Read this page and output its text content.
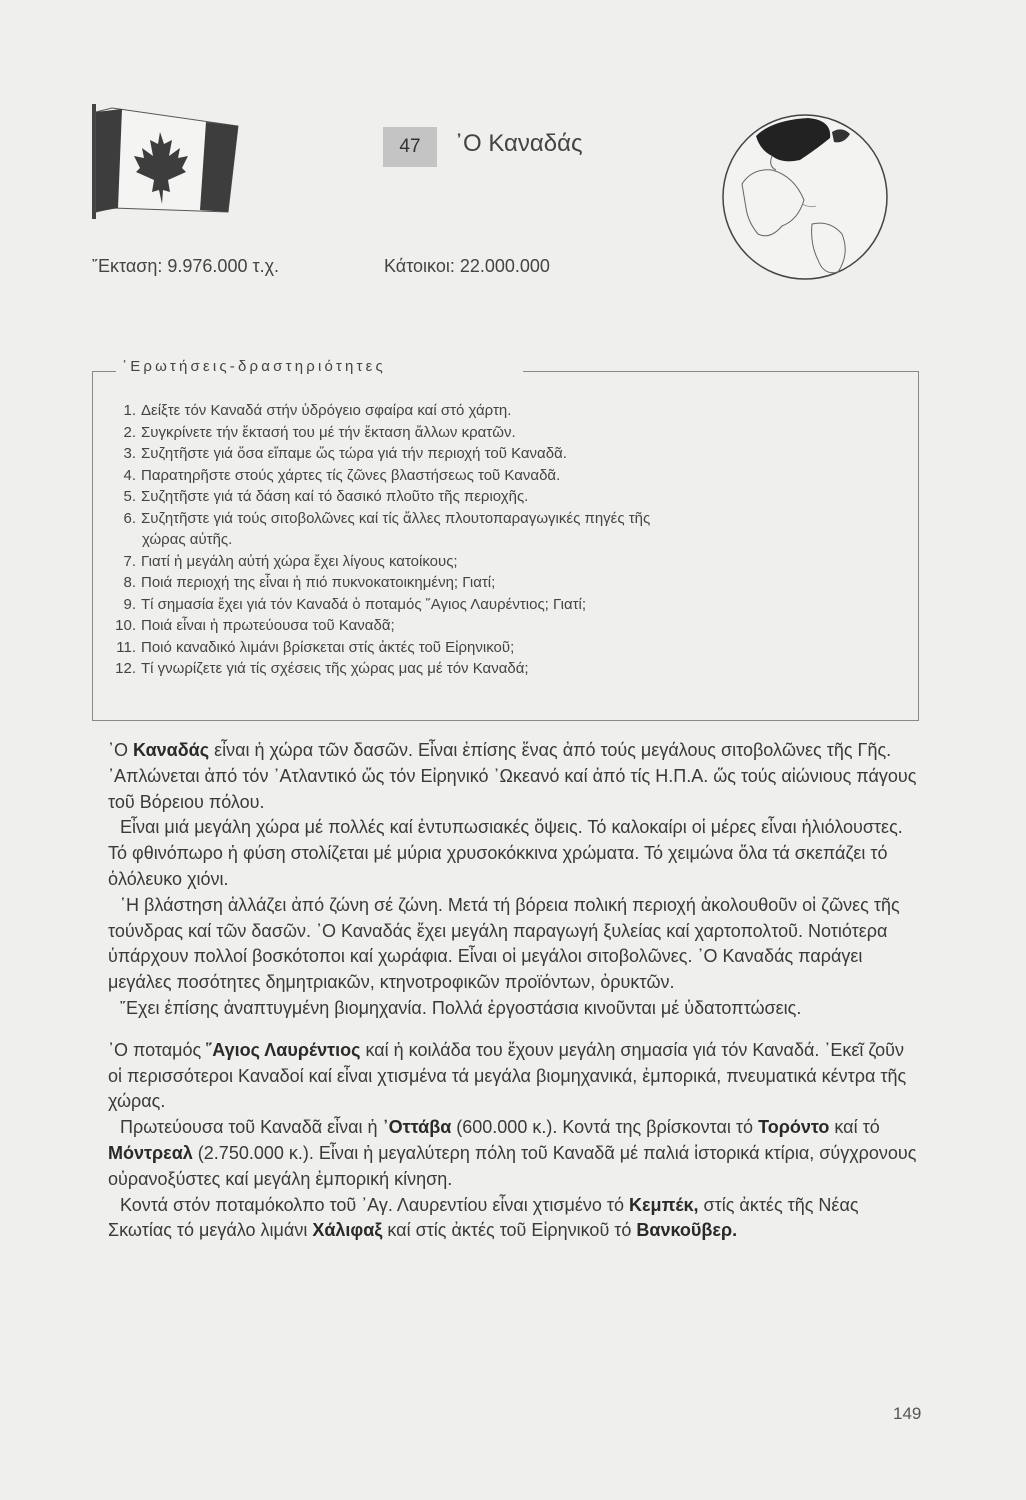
47	᾽Ο Καναδάς
῎Εκταση: 9.976.000 τ.χ.	Κάτοικοι: 22.000.000
᾽Ερωτήσεις-δραστηριότητες
1. Δείξτε τόν Καναδά στήν ὑδρόγειο σφαίρα καί στό χάρτη.
2. Συγκρίνετε τήν ἔκτασή του μέ τήν ἔκταση ἄλλων κρατῶν.
3. Συζητῆστε γιά ὅσα εἴπαμε ὥς τώρα γιά τήν περιοχή τοῦ Καναδᾶ.
4. Παρατηρῆστε στούς χάρτες τίς ζῶνες βλαστήσεως τοῦ Καναδᾶ.
5. Συζητῆστε γιά τά δάση καί τό δασικό πλοῦτο τῆς περιοχῆς.
6. Συζητῆστε γιά τούς σιτοβολῶνες καί τίς ἄλλες πλουτοπαραγωγικές πηγές τῆς
χώρας αὐτῆς.
7. Γιατί ἡ μεγάλη αὐτή χώρα ἔχει λίγους κατοίκους;
8. Ποιά περιοχή της εἶναι ἡ πιό πυκνοκατοικημένη; Γιατί;
9. Τί σημασία ἔχει γιά τόν Καναδά ὁ ποταμός ῞Αγιος Λαυρέντιος; Γιατί;
10. Ποιά εἶναι ἡ πρωτεύουσα τοῦ Καναδᾶ;
11. Ποιό καναδικό λιμάνι βρίσκεται στίς ἀκτές τοῦ Εἰρηνικοῦ;
12. Τί γνωρίζετε γιά τίς σχέσεις τῆς χώρας μας μέ τόν Καναδά;

᾽Ο Καναδάς εἶναι ἡ χώρα τῶν δασῶν. Εἶναι ἐπίσης ἕνας ἀπό τούς μεγάλους σιτοβολῶνες τῆς Γῆς. ᾽Απλώνεται ἀπό τόν ᾽Ατλαντικό ὥς τόν Εἰρηνικό ᾽Ωκεανό καί ἀπό τίς Η.Π.Α. ὥς τούς αἰώνιους πάγους τοῦ Βόρειου πόλου.

Εἶναι μιά μεγάλη χώρα μέ πολλές καί ἐντυπωσιακές ὄψεις. Τό καλοκαίρι οἱ μέρες εἶναι ἡλιόλουστες. Τό φθινόπωρο ἡ φύση στολίζεται μέ μύρια χρυσοκόκκινα χρώματα. Τό χειμώνα ὅλα τά σκεπάζει τό ὁλόλευκο χιόνι.

῾Η βλάστηση ἀλλάζει ἀπό ζώνη σέ ζώνη. Μετά τή βόρεια πολική περιοχή ἀκολουθοῦν οἱ ζῶνες τῆς τούνδρας καί τῶν δασῶν. ᾽Ο Καναδάς ἔχει μεγάλη παραγωγή ξυλείας καί χαρτοπολτοῦ. Νοτιότερα ὑπάρχουν πολλοί βοσκότοποι καί χωράφια. Εἶναι οἱ μεγάλοι σιτοβολῶνες. ᾽Ο Καναδάς παράγει μεγάλες ποσότητες δημητριακῶν, κτηνοτροφικῶν προϊόντων, ὀρυκτῶν.

῎Εχει ἐπίσης ἀναπτυγμένη βιομηχανία. Πολλά ἐργοστάσια κινοῦνται μέ ὑδατοπτώσεις.

᾽Ο ποταμός ῞Αγιος Λαυρέντιος καί ἡ κοιλάδα του ἔχουν μεγάλη σημασία γιά τόν Καναδά. ᾽Εκεῖ ζοῦν οἱ περισσότεροι Καναδοί καί εἶναι χτισμένα τά μεγάλα βιομηχανικά, ἐμπορικά, πνευματικά κέντρα τῆς χώρας.

Πρωτεύουσα τοῦ Καναδᾶ εἶναι ἡ ᾽Οττάβα (600.000 κ.). Κοντά της βρίσκονται τό Τορόντο καί τό Μόντρεαλ (2.750.000 κ.). Εἶναι ἡ μεγαλύτερη πόλη τοῦ Καναδᾶ μέ παλιά ἱστορικά κτίρια, σύγχρονους οὐρανοξύστες καί μεγάλη ἐμπορική κίνηση.

Κοντά στόν ποταμόκολπο τοῦ ᾽Αγ. Λαυρεντίου εἶναι χτισμένο τό Κεμπέκ, στίς ἀκτές τῆς Νέας Σκωτίας τό μεγάλο λιμάνι Χάλιφαξ καί στίς ἀκτές τοῦ Εἰρηνικοῦ τό Βανκοῦβερ.

149
